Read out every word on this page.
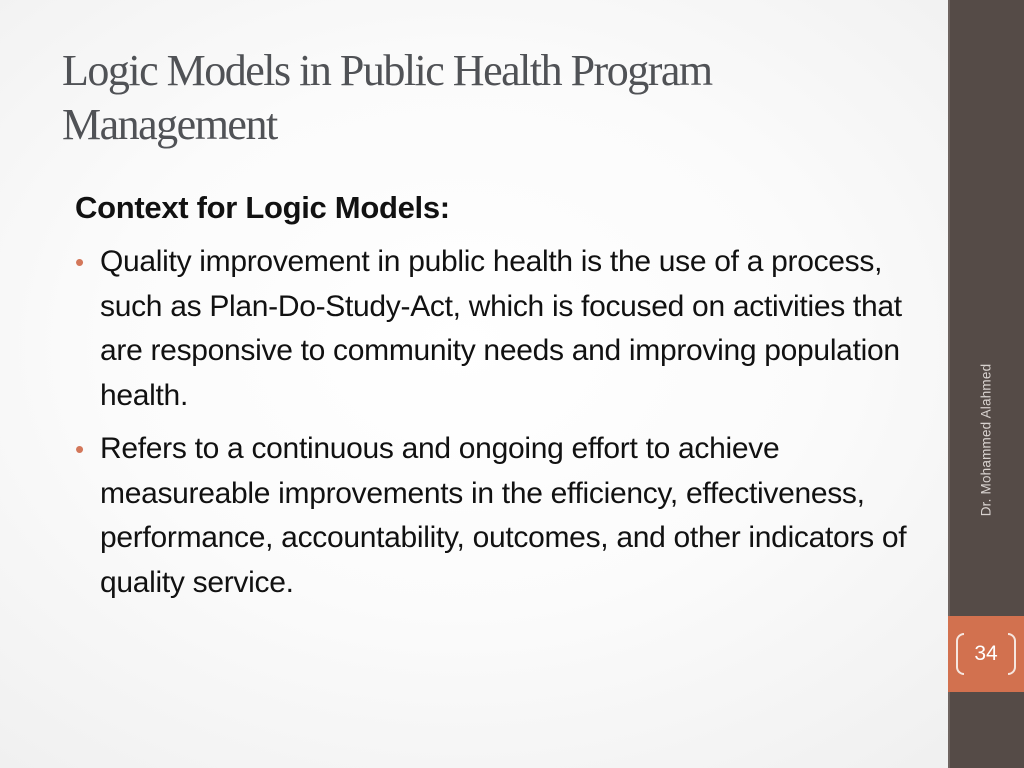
Logic Models in Public Health Program Management
Context for Logic Models:
• Quality improvement in public health is the use of a process, such as Plan-Do-Study-Act, which is focused on activities that are responsive to community needs and improving population health.
• Refers to a continuous and ongoing effort to achieve measureable improvements in the efficiency, effectiveness, performance, accountability, outcomes, and other indicators of quality service.
Dr. Mohammed Alahmed
34
